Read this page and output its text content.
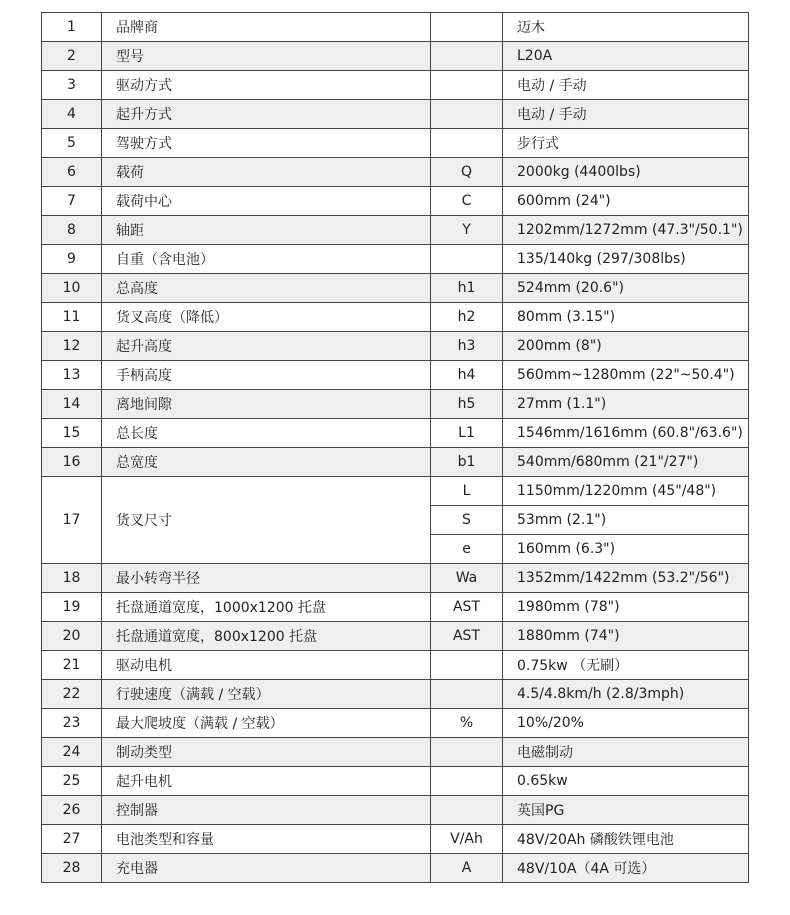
1	品牌商		迈木
2	型号		L20A
3	驱动方式		电动 / 手动
4	起升方式		电动 / 手动
5	驾驶方式		步行式
6	载荷	Q	2000kg (4400lbs)
7	载荷中心	C	600mm (24")
8	轴距	Y	1202mm/1272mm (47.3"/50.1")
9	自重（含电池）		135/140kg (297/308lbs)
10	总高度	h1	524mm (20.6")
11	货叉高度（降低）	h2	80mm (3.15")
12	起升高度	h3	200mm (8")
13	手柄高度	h4	560mm~1280mm (22"~50.4")
14	离地间隙	h5	27mm (1.1")
15	总长度	L1	1546mm/1616mm (60.8"/63.6")
16	总宽度	b1	540mm/680mm (21"/27")
17	货叉尺寸	L	1150mm/1220mm (45"/48")
		S	53mm (2.1")
		e	160mm (6.3")
18	最小转弯半径	Wa	1352mm/1422mm (53.2"/56")
19	托盘通道宽度，1000x1200 托盘	AST	1980mm (78")
20	托盘通道宽度，800x1200 托盘	AST	1880mm (74")
21	驱动电机		0.75kw （无刷）
22	行驶速度（满载 / 空载）		4.5/4.8km/h (2.8/3mph)
23	最大爬坡度（满载 / 空载）	%	10%/20%
24	制动类型		电磁制动
25	起升电机		0.65kw
26	控制器		英国PG
27	电池类型和容量	V/Ah	48V/20Ah 磷酸铁锂电池
28	充电器	A	48V/10A（4A 可选）
